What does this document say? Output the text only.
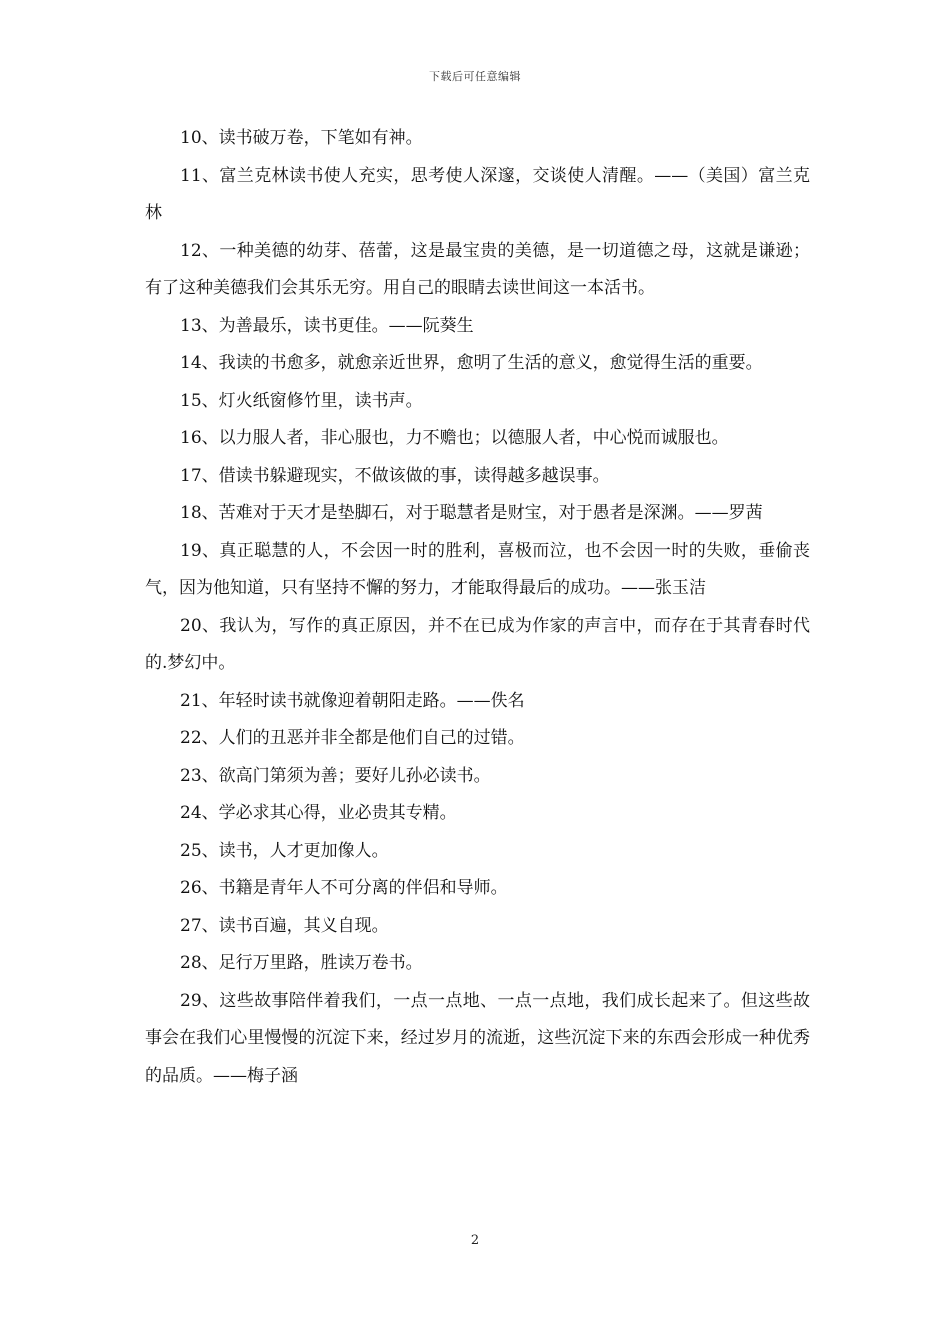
下载后可任意编辑

10、读书破万卷，下笔如有神。

11、富兰克林读书使人充实，思考使人深邃，交谈使人清醒。——（美国）富兰克林

12、一种美德的幼芽、蓓蕾，这是最宝贵的美德，是一切道德之母，这就是谦逊；有了这种美德我们会其乐无穷。用自己的眼睛去读世间这一本活书。

13、为善最乐，读书更佳。——阮葵生

14、我读的书愈多，就愈亲近世界，愈明了生活的意义，愈觉得生活的重要。

15、灯火纸窗修竹里，读书声。

16、以力服人者，非心服也，力不赡也；以德服人者，中心悦而诚服也。

17、借读书躲避现实，不做该做的事，读得越多越误事。

18、苦难对于天才是垫脚石，对于聪慧者是财宝，对于愚者是深渊。——罗茜

19、真正聪慧的人，不会因一时的胜利，喜极而泣，也不会因一时的失败，垂偷丧气，因为他知道，只有坚持不懈的努力，才能取得最后的成功。——张玉洁

20、我认为，写作的真正原因，并不在已成为作家的声言中，而存在于其青春时代的.梦幻中。

21、年轻时读书就像迎着朝阳走路。——佚名

22、人们的丑恶并非全都是他们自己的过错。

23、欲高门第须为善；要好儿孙必读书。

24、学必求其心得，业必贵其专精。

25、读书，人才更加像人。

26、书籍是青年人不可分离的伴侣和导师。

27、读书百遍，其义自现。

28、足行万里路，胜读万卷书。

29、这些故事陪伴着我们，一点一点地、一点一点地，我们成长起来了。但这些故事会在我们心里慢慢的沉淀下来，经过岁月的流逝，这些沉淀下来的东西会形成一种优秀的品质。——梅子涵

2
